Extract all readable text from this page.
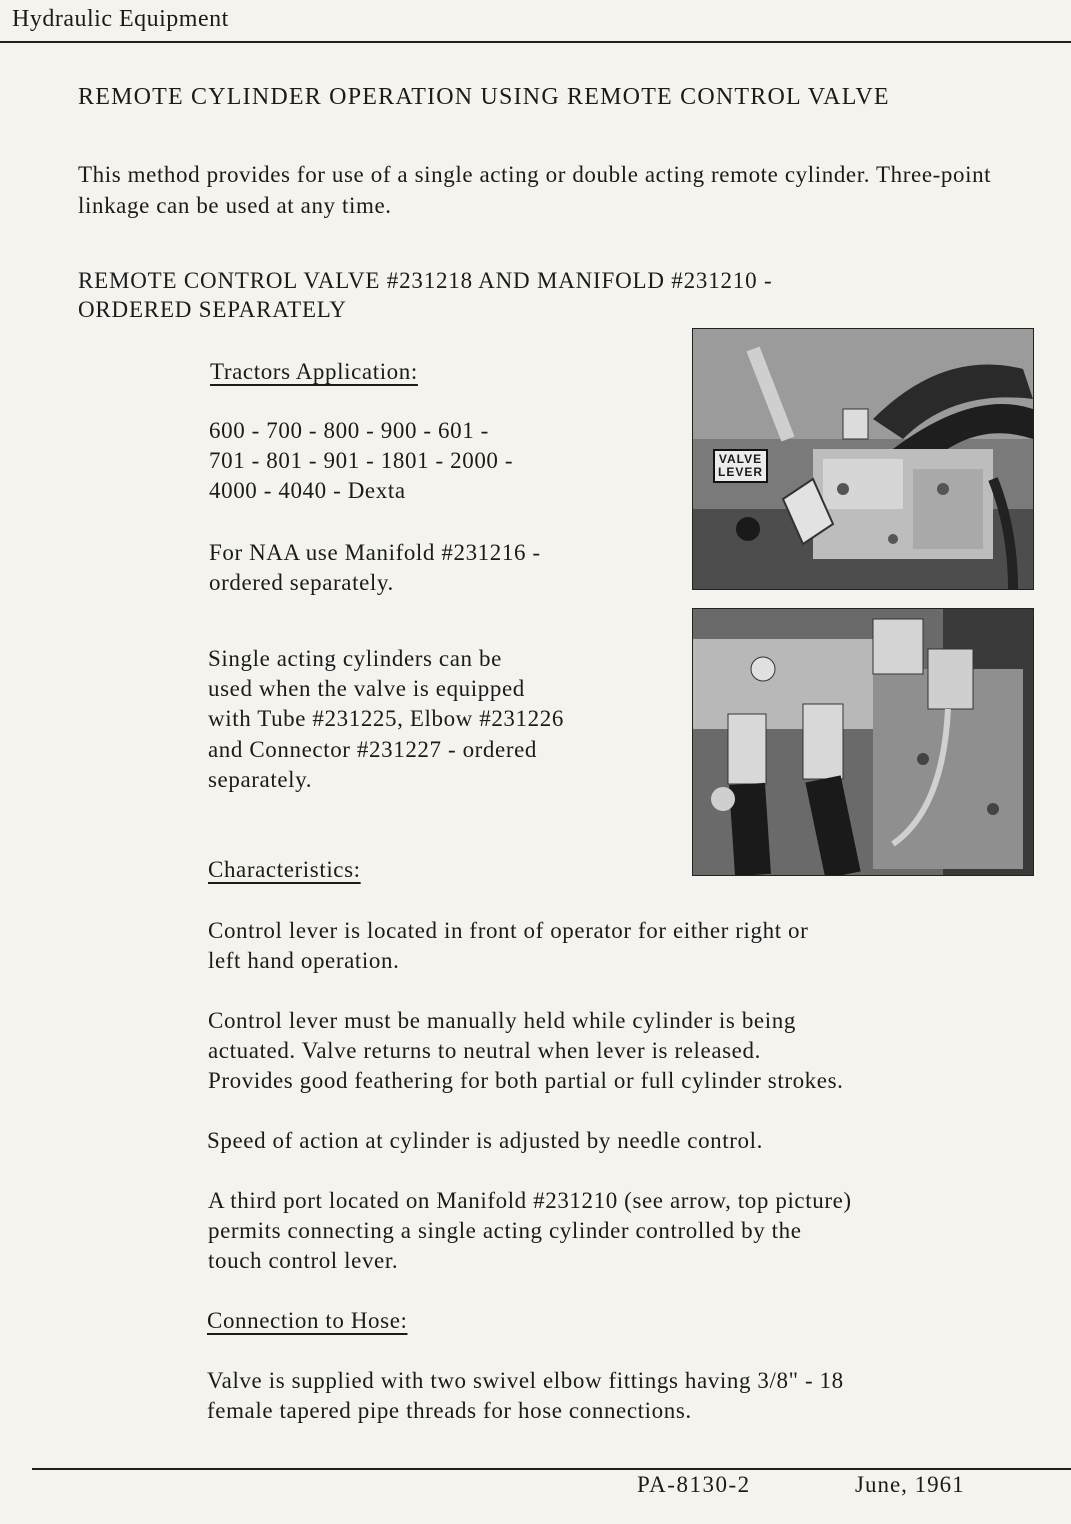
Hydraulic Equipment
REMOTE CYLINDER OPERATION USING REMOTE CONTROL VALVE
This method provides for use of a single acting or double acting remote cylinder. Three-point linkage can be used at any time.
REMOTE CONTROL VALVE #231218 AND MANIFOLD #231210 -
ORDERED SEPARATELY
Tractors Application:
600 - 700 - 800 - 900 - 601 -
701 - 801 - 901 - 1801 - 2000 -
4000 - 4040 - Dexta
For NAA use Manifold #231216 -
ordered separately.
Single acting cylinders can be
used when the valve is equipped
with Tube #231225, Elbow #231226
and Connector #231227 - ordered
separately.
VALVE
LEVER
Characteristics:
Control lever is located in front of operator for either right or
left hand operation.
Control lever must be manually held while cylinder is being
actuated. Valve returns to neutral when lever is released.
Provides good feathering for both partial or full cylinder strokes.
Speed of action at cylinder is adjusted by needle control.
A third port located on Manifold #231210 (see arrow, top picture)
permits connecting a single acting cylinder controlled by the
touch control lever.
Connection to Hose:
Valve is supplied with two swivel elbow fittings having 3/8" - 18
female tapered pipe threads for hose connections.
PA-8130-2	June, 1961
